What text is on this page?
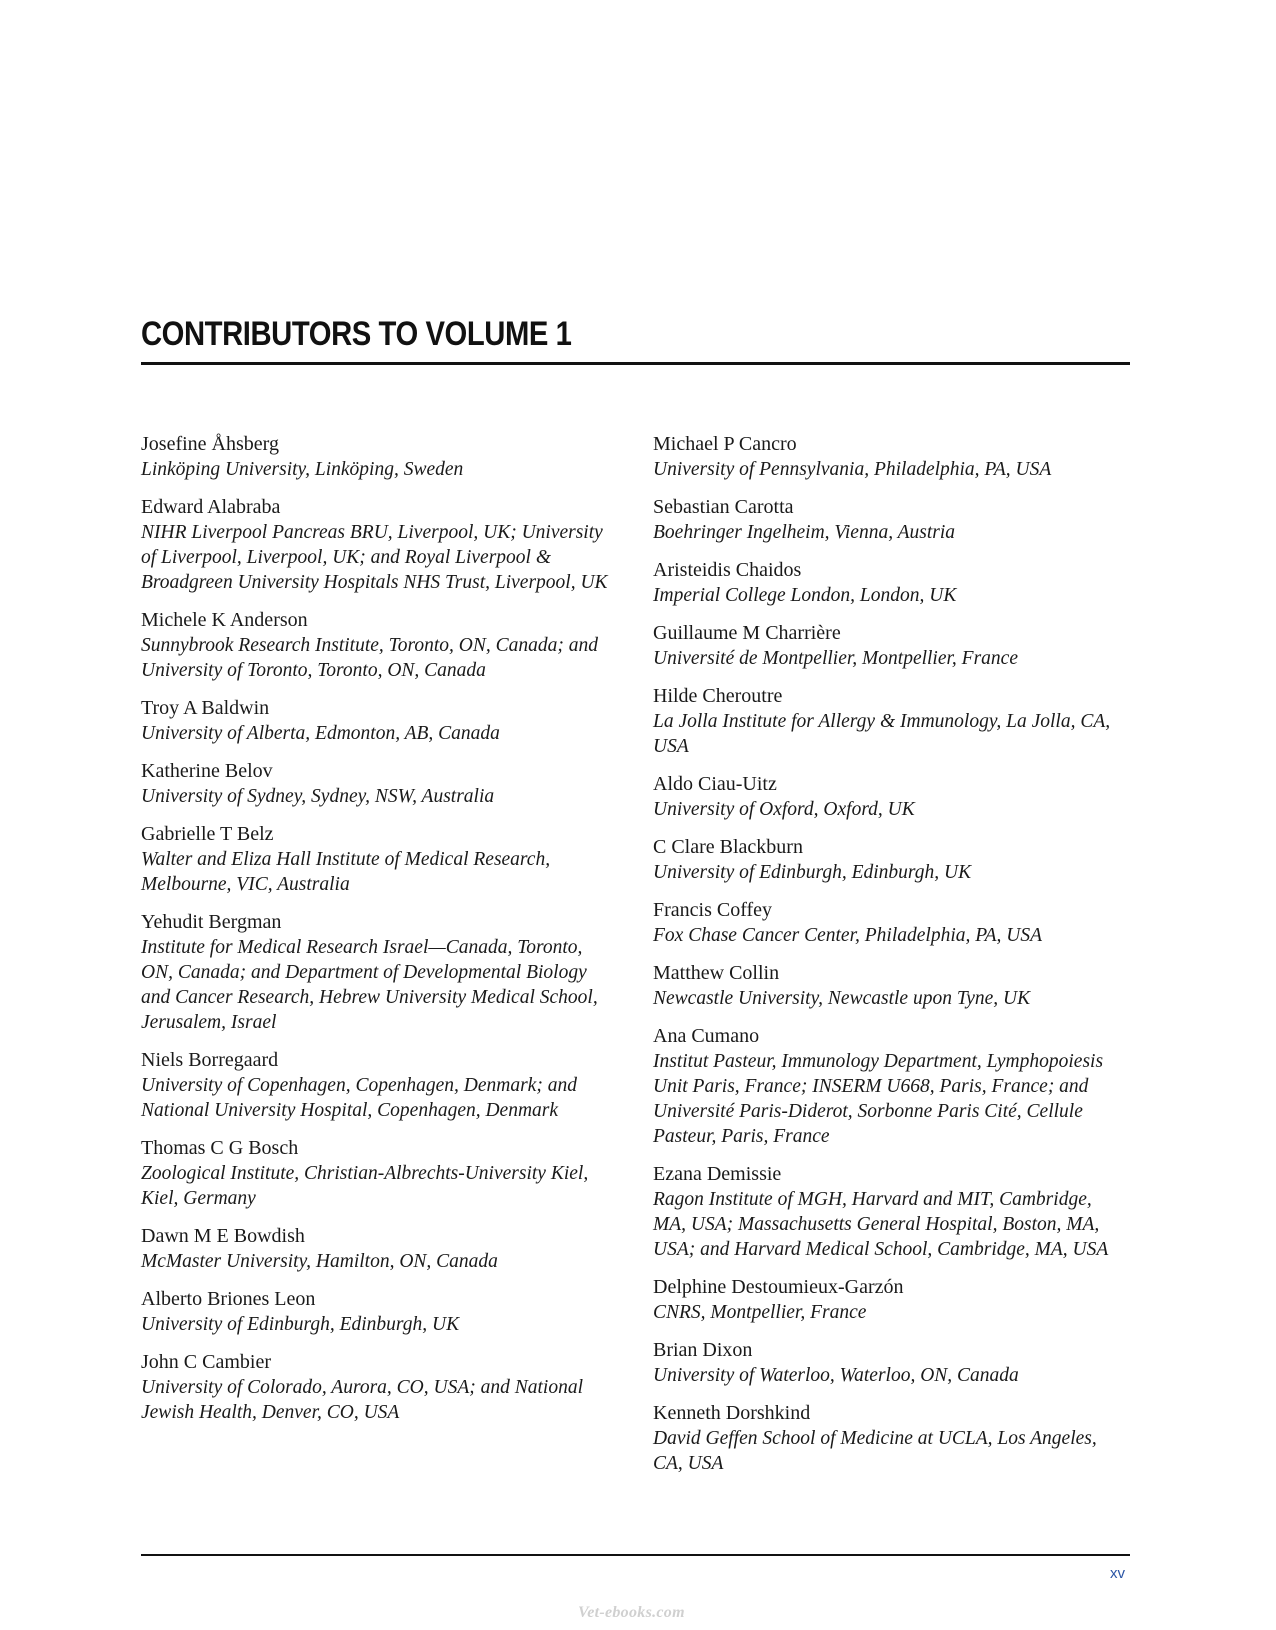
CONTRIBUTORS TO VOLUME 1
Josefine Åhsberg
Linköping University, Linköping, Sweden
Edward Alabraba
NIHR Liverpool Pancreas BRU, Liverpool, UK; University of Liverpool, Liverpool, UK; and Royal Liverpool & Broadgreen University Hospitals NHS Trust, Liverpool, UK
Michele K Anderson
Sunnybrook Research Institute, Toronto, ON, Canada; and University of Toronto, Toronto, ON, Canada
Troy A Baldwin
University of Alberta, Edmonton, AB, Canada
Katherine Belov
University of Sydney, Sydney, NSW, Australia
Gabrielle T Belz
Walter and Eliza Hall Institute of Medical Research, Melbourne, VIC, Australia
Yehudit Bergman
Institute for Medical Research Israel—Canada, Toronto, ON, Canada; and Department of Developmental Biology and Cancer Research, Hebrew University Medical School, Jerusalem, Israel
Niels Borregaard
University of Copenhagen, Copenhagen, Denmark; and National University Hospital, Copenhagen, Denmark
Thomas C G Bosch
Zoological Institute, Christian-Albrechts-University Kiel, Kiel, Germany
Dawn M E Bowdish
McMaster University, Hamilton, ON, Canada
Alberto Briones Leon
University of Edinburgh, Edinburgh, UK
John C Cambier
University of Colorado, Aurora, CO, USA; and National Jewish Health, Denver, CO, USA
Michael P Cancro
University of Pennsylvania, Philadelphia, PA, USA
Sebastian Carotta
Boehringer Ingelheim, Vienna, Austria
Aristeidis Chaidos
Imperial College London, London, UK
Guillaume M Charrière
Université de Montpellier, Montpellier, France
Hilde Cheroutre
La Jolla Institute for Allergy & Immunology, La Jolla, CA, USA
Aldo Ciau-Uitz
University of Oxford, Oxford, UK
C Clare Blackburn
University of Edinburgh, Edinburgh, UK
Francis Coffey
Fox Chase Cancer Center, Philadelphia, PA, USA
Matthew Collin
Newcastle University, Newcastle upon Tyne, UK
Ana Cumano
Institut Pasteur, Immunology Department, Lymphopoiesis Unit Paris, France; INSERM U668, Paris, France; and Université Paris-Diderot, Sorbonne Paris Cité, Cellule Pasteur, Paris, France
Ezana Demissie
Ragon Institute of MGH, Harvard and MIT, Cambridge, MA, USA; Massachusetts General Hospital, Boston, MA, USA; and Harvard Medical School, Cambridge, MA, USA
Delphine Destoumieux-Garzón
CNRS, Montpellier, France
Brian Dixon
University of Waterloo, Waterloo, ON, Canada
Kenneth Dorshkind
David Geffen School of Medicine at UCLA, Los Angeles, CA, USA
xv
Vet-ebooks.com
